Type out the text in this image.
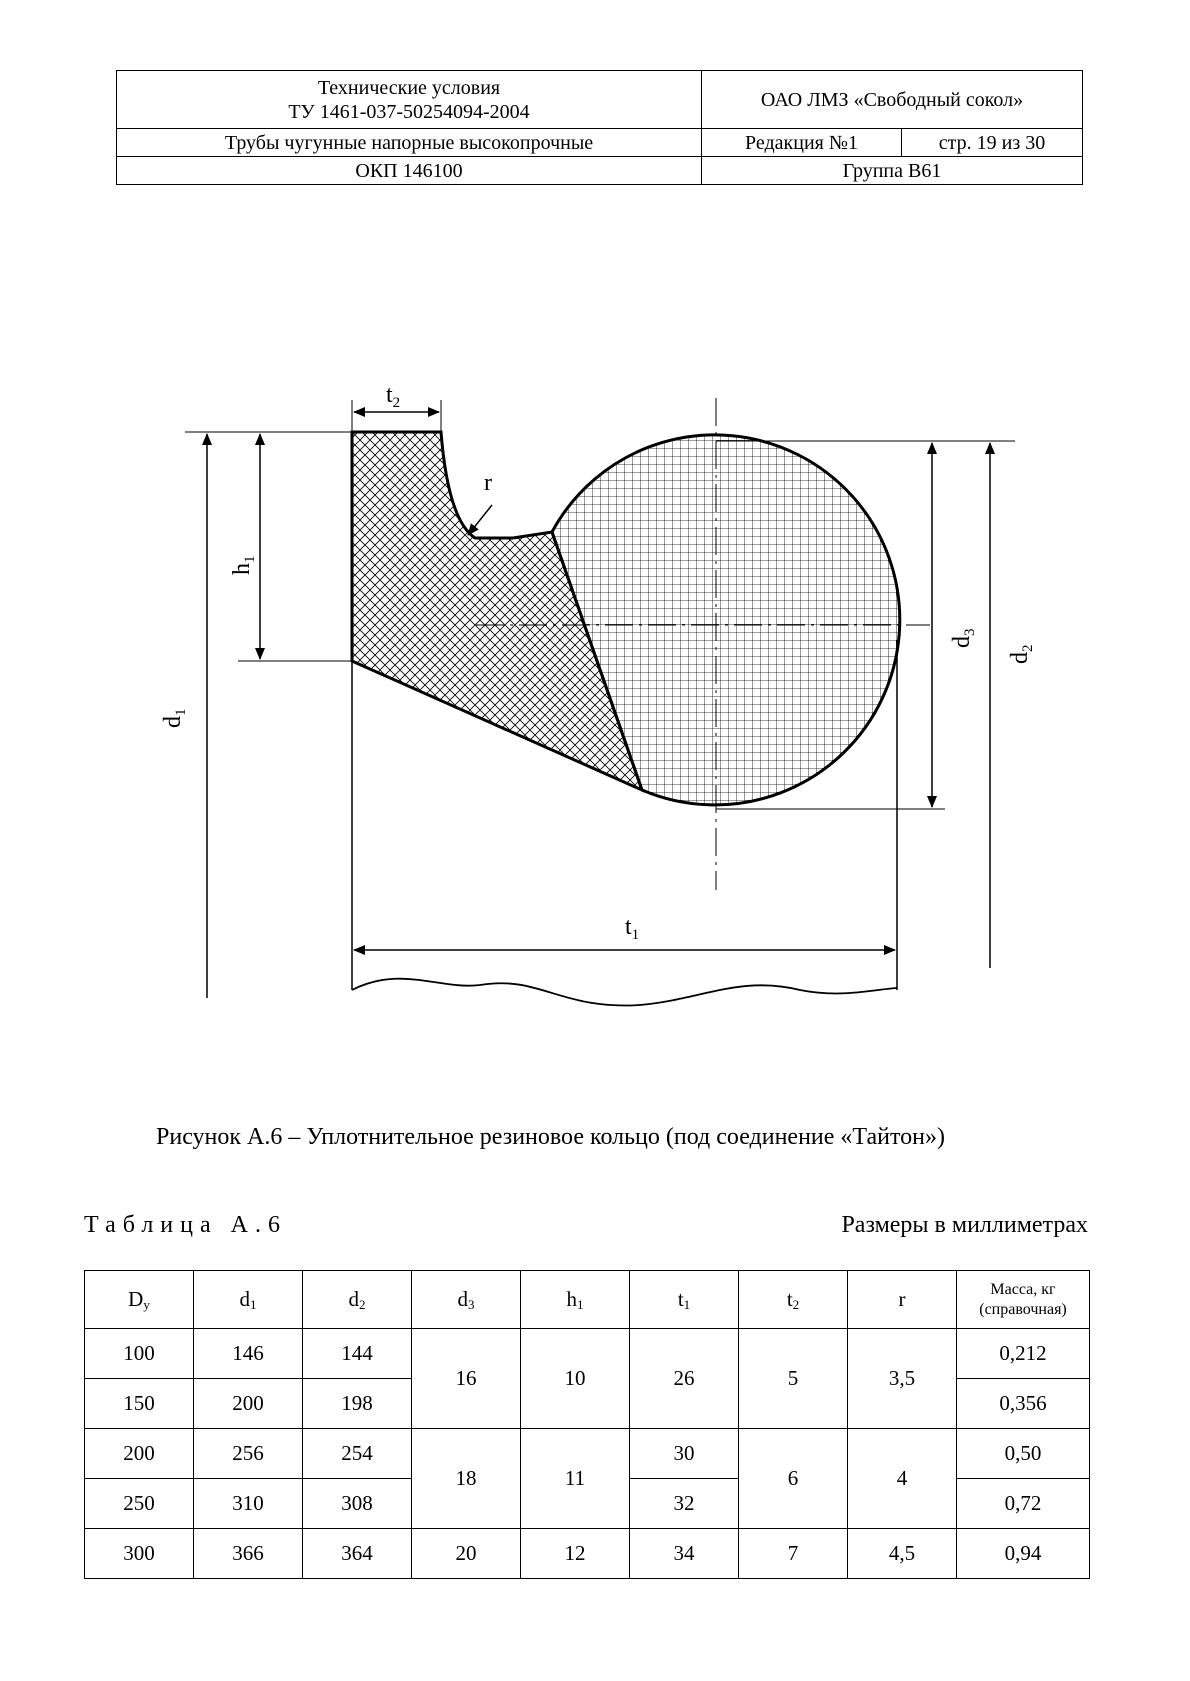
Технические условия
ТУ 1461-037-50254094-2004	ОАО ЛМЗ «Свободный сокол»	
Трубы чугунные напорные высокопрочные	Редакция №1	стр. 19 из 30
ОКП 146100	Группа В61	
$t_2$
r
$h_1$
$d_1$
$d_3$
$d_2$
$t_1$
Рисунок А.6 – Уплотнительное резиновое кольцо (под соединение «Тайтон»)
Таблица А.6	Размеры в миллиметрах
$D_у$	$d_1$	$d_2$	$d_3$	$h_1$	$t_1$	$t_2$	r	Масса, кг
(справочная)

100	146	144	16	10	26	5	3,5	0,212
150	200	198						0,356
200	256	254	18	11	30	6	4	0,50
250	310	308			32			0,72
300	366	364	20	12	34	7	4,5	0,94
